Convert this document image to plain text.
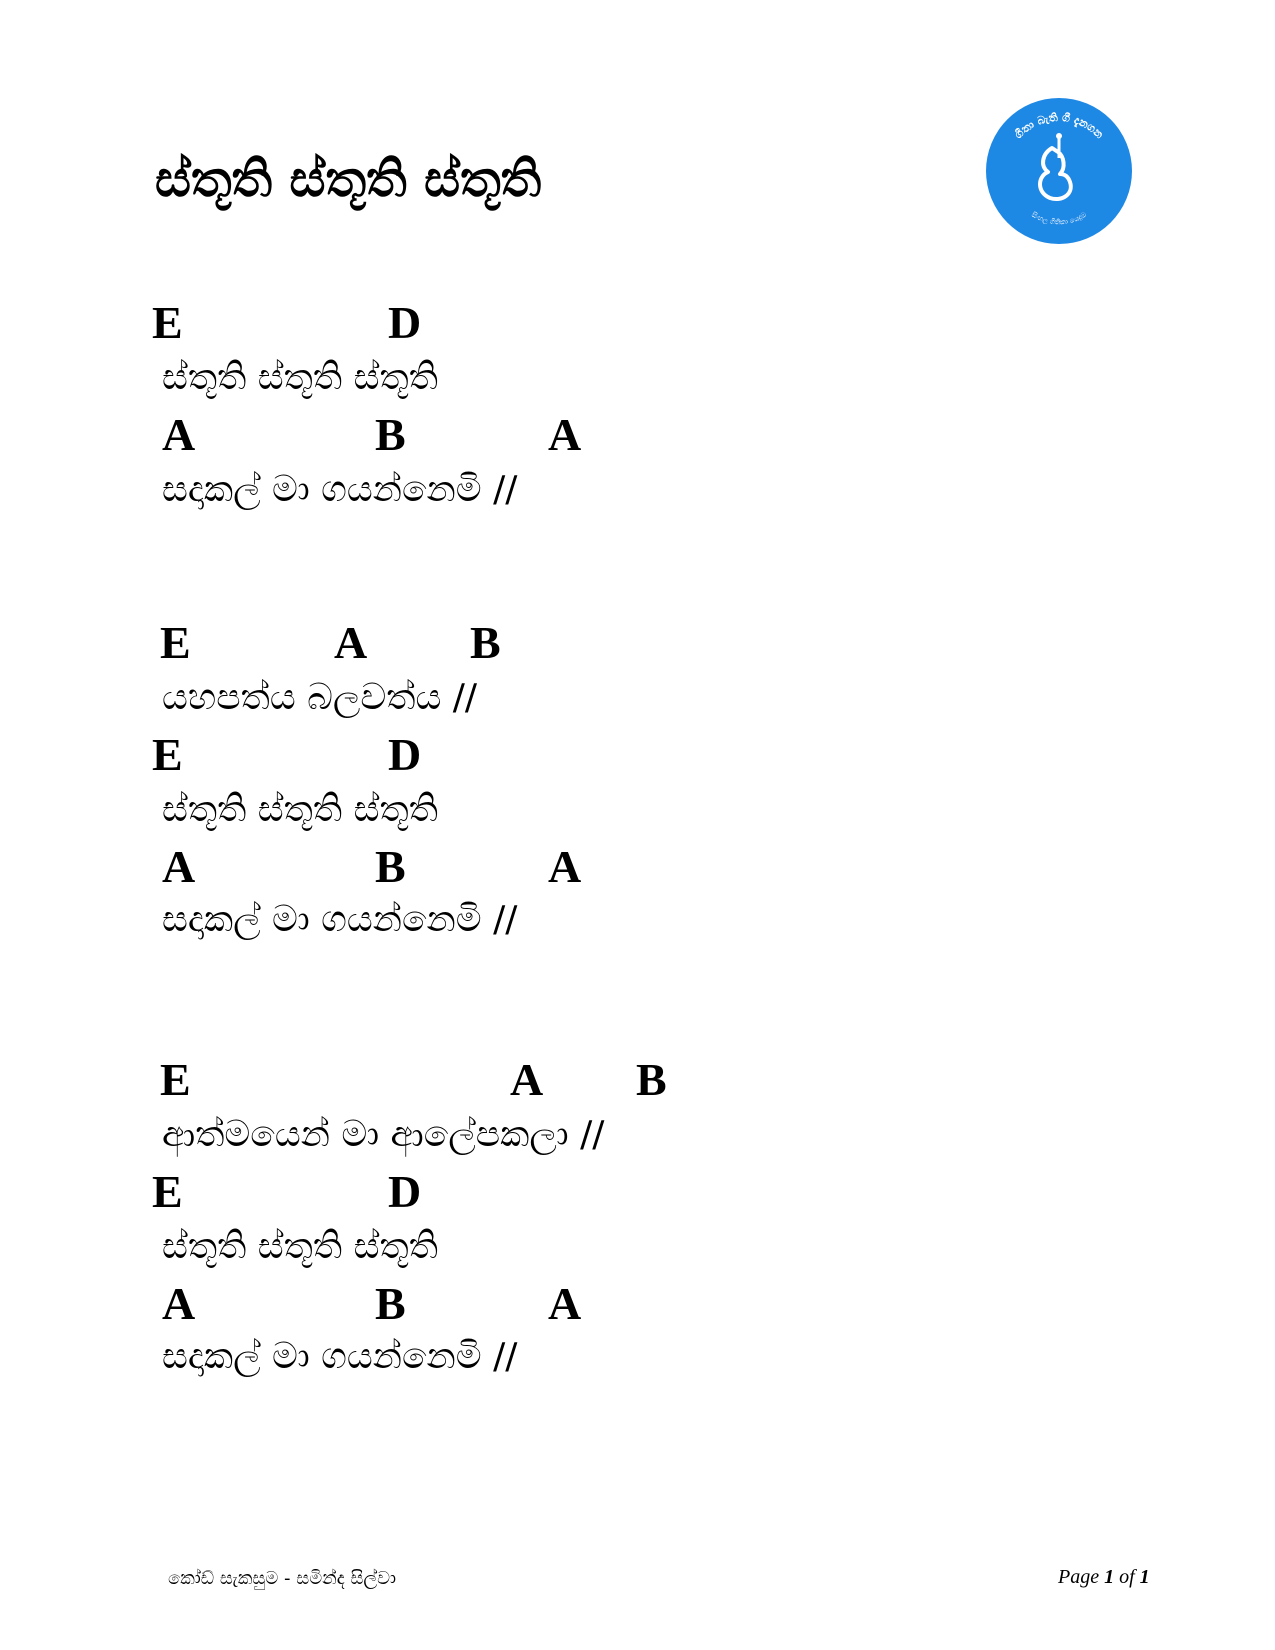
ස්තූති ස්තූති ස්තූති
ගීතා බැති ගී දැනගන
සිංහල ගීතිකා යෙදුම
E	D
ස්තූති ස්තූති ස්තූති
A	B	A
සදාකල් මා ගයන්නෙමි //
E	A B
යහපත්ය බලවත්ය //
E	D
ස්තූති ස්තූති ස්තූති
A	B	A
සදාකල් මා ගයන්නෙමි //
E	A B
ආත්මයෙන් මා ආලේපකලා //
E	D
ස්තූති ස්තූති ස්තූති
A	B	A
සදාකල් මා ගයන්නෙමි //
කෝඩ් සැකසුම - සමින්ද සිල්වා	Page 1 of 1
